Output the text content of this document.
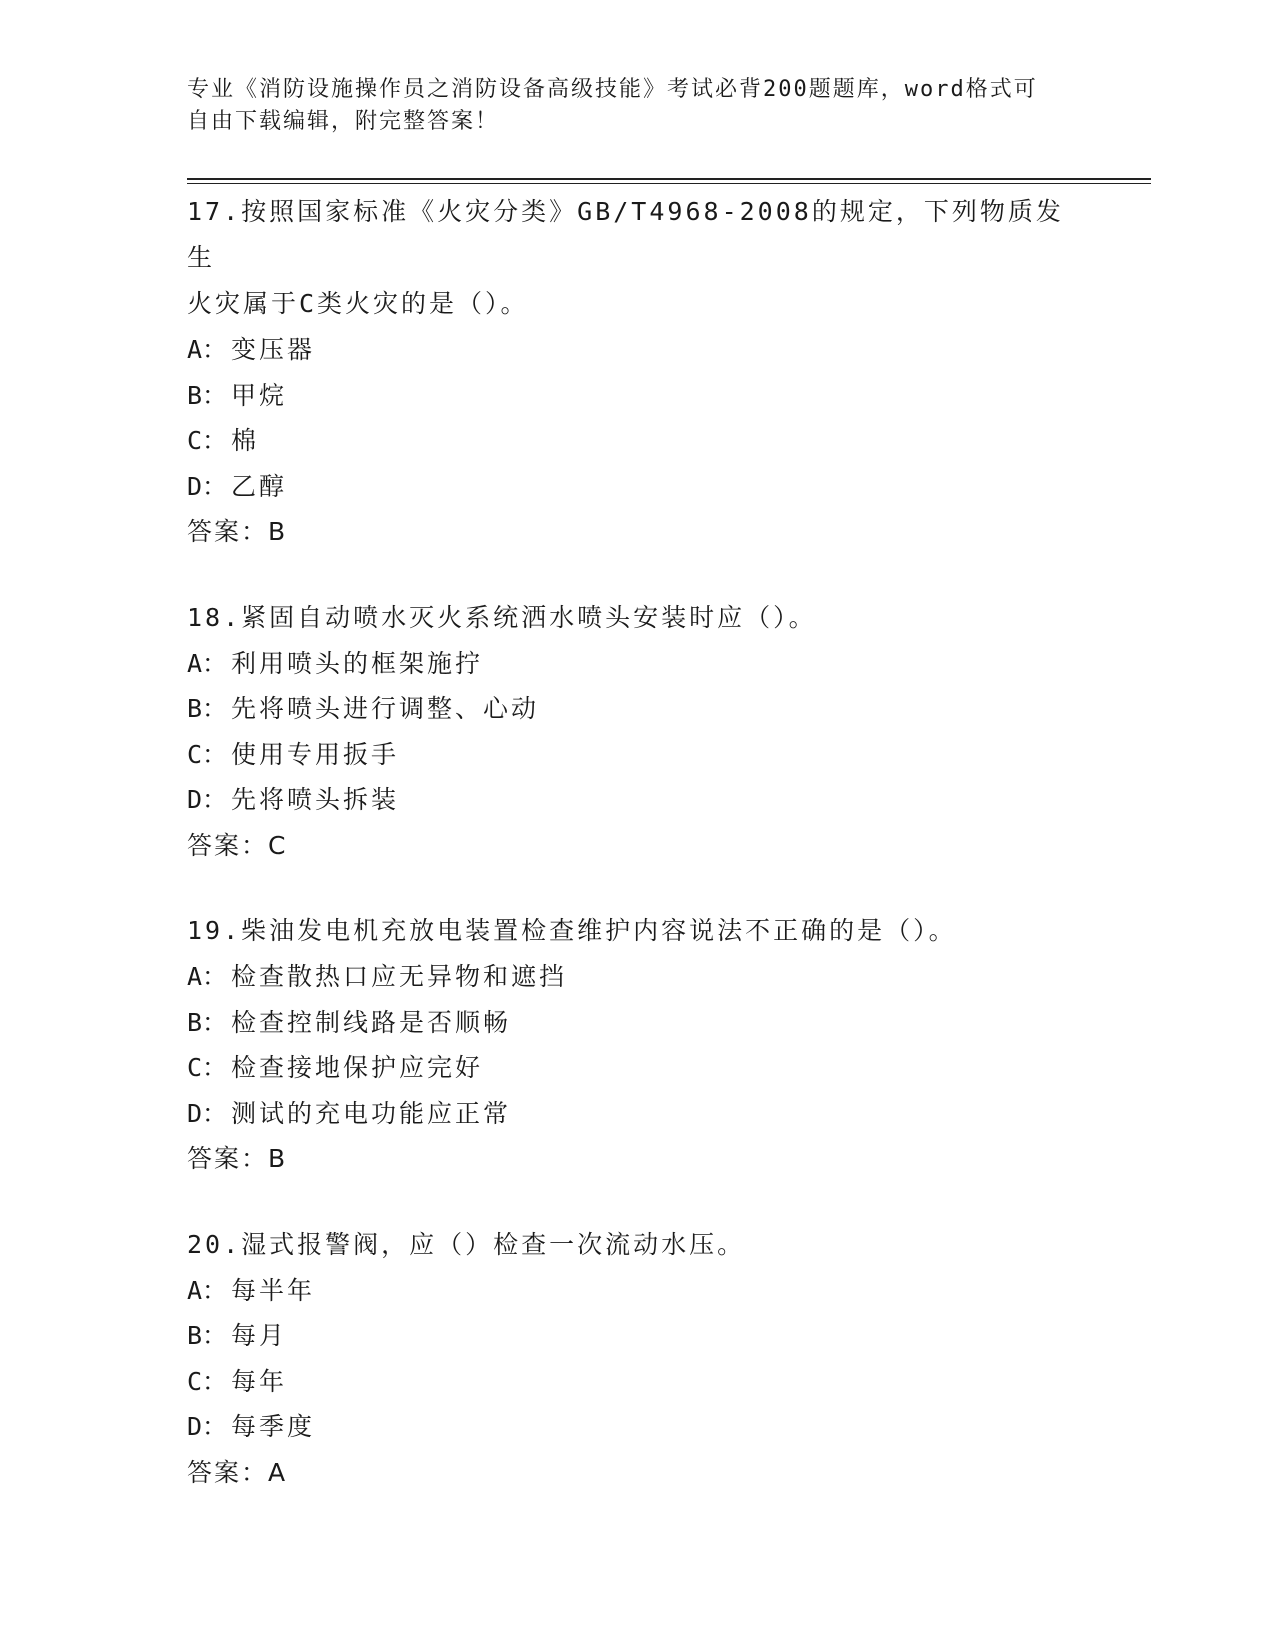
专业《消防设施操作员之消防设备高级技能》考试必背200题题库，word格式可
自由下载编辑，附完整答案！

17.按照国家标准《火灾分类》GB/T4968-2008的规定，下列物质发生

火灾属于C类火灾的是（）。

A： 变压器

B： 甲烷

C： 棉

D： 乙醇

答案：B

18.紧固自动喷水灭火系统洒水喷头安装时应（）。

A： 利用喷头的框架施拧

B： 先将喷头进行调整、心动

C： 使用专用扳手

D： 先将喷头拆装

答案：C

19.柴油发电机充放电装置检查维护内容说法不正确的是（）。

A： 检查散热口应无异物和遮挡

B： 检查控制线路是否顺畅

C： 检查接地保护应完好

D： 测试的充电功能应正常

答案：B

20.湿式报警阀，应（）检查一次流动水压。

A： 每半年

B： 每月

C： 每年

D： 每季度

答案：A
